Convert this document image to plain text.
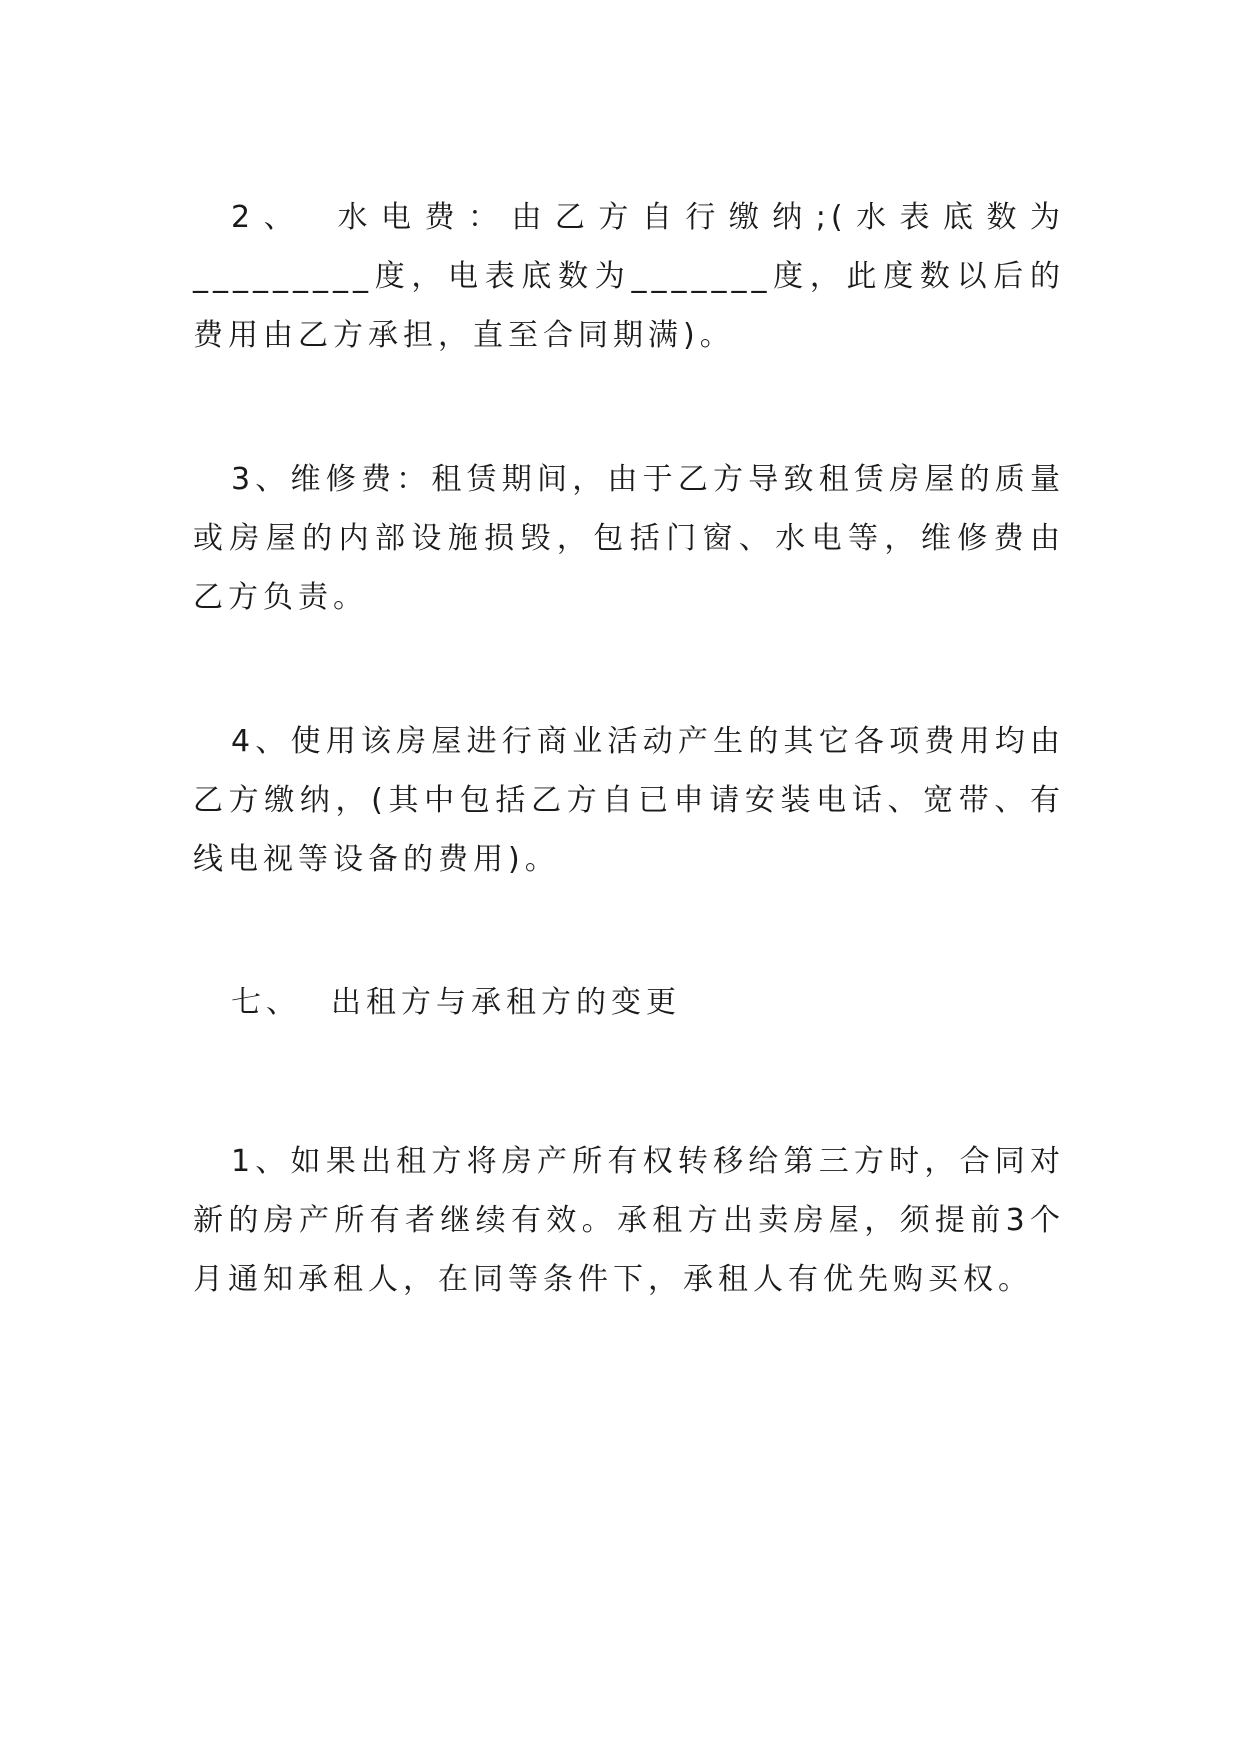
2、 水电费：由乙方自行缴纳;(水表底数为_________度，电表底数为_______度，此度数以后的费用由乙方承担，直至合同期满)。

3、维修费：租赁期间，由于乙方导致租赁房屋的质量或房屋的内部设施损毁，包括门窗、水电等，维修费由乙方负责。

4、使用该房屋进行商业活动产生的其它各项费用均由乙方缴纳，(其中包括乙方自已申请安装电话、宽带、有线电视等设备的费用)。

七、 出租方与承租方的变更

1、如果出租方将房产所有权转移给第三方时，合同对新的房产所有者继续有效。承租方出卖房屋，须提前3个月通知承租人，在同等条件下，承租人有优先购买权。
